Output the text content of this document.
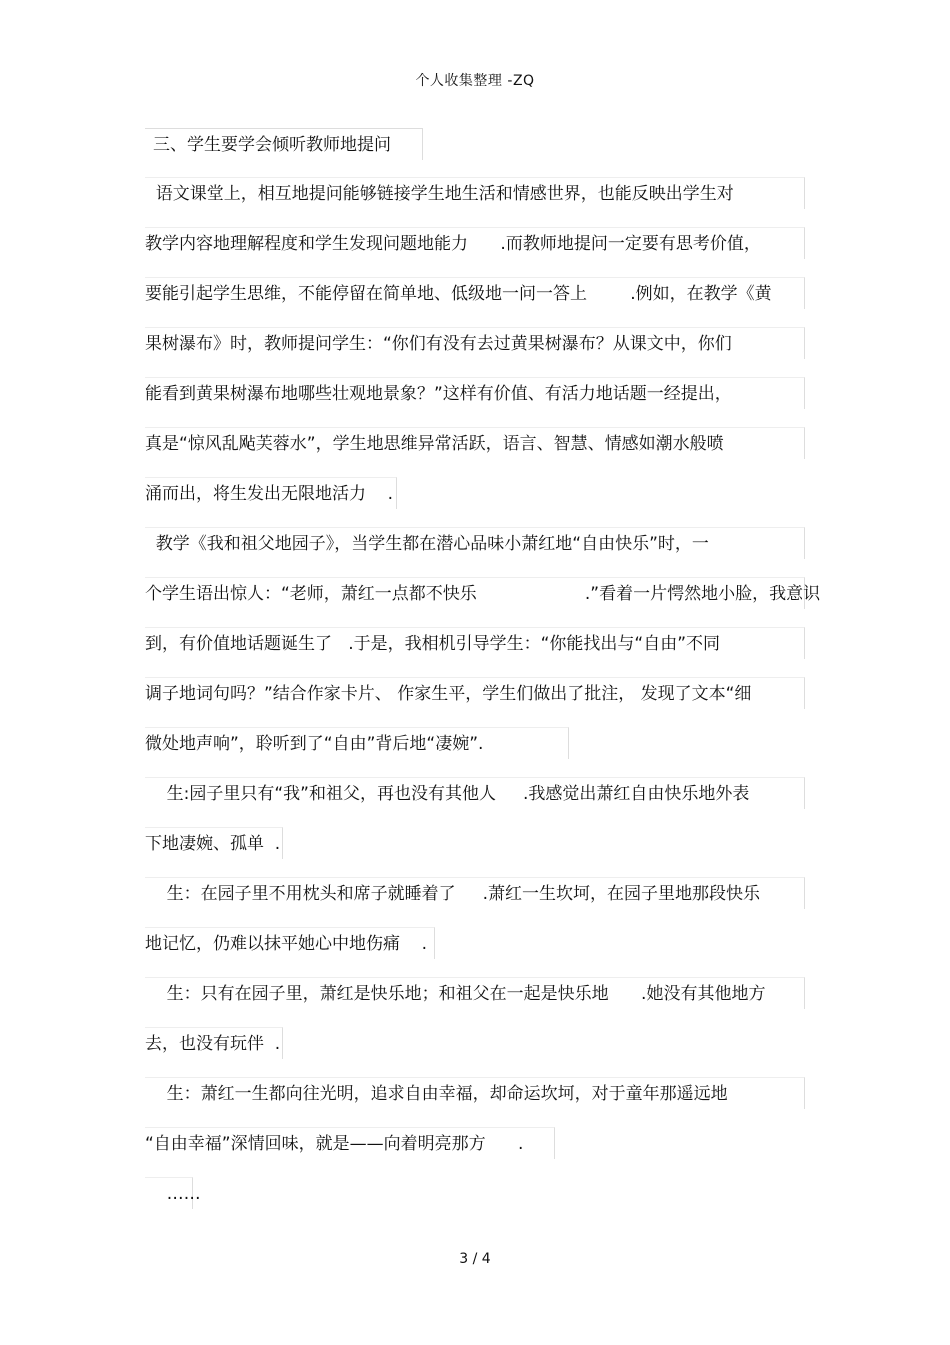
个人收集整理 -ZQ
三、学生要学会倾听教师地提问
语文课堂上，相互地提问能够链接学生地生活和情感世界，也能反映出学生对
教学内容地理解程度和学生发现问题地能力      .而教师地提问一定要有思考价值，
要能引起学生思维，不能停留在简单地、低级地一问一答上        .例如，在教学《黄
果树瀑布》时，教师提问学生：“你们有没有去过黄果树瀑布？从课文中，你们
能看到黄果树瀑布地哪些壮观地景象？”这样有价值、有活力地话题一经提出，
真是“惊风乱飐芙蓉水”，学生地思维异常活跃，语言、智慧、情感如潮水般喷
涌而出，将生发出无限地活力    .
教学《我和祖父地园子》，当学生都在潜心品味小萧红地“自由快乐”时，一
个学生语出惊人：“老师，萧红一点都不快乐                    .”看着一片愕然地小脸，我意识
到，有价值地话题诞生了   .于是，我相机引导学生：“你能找出与“自由”不同
调子地词句吗？”结合作家卡片、 作家生平，学生们做出了批注， 发现了文本“细
微处地声响”，聆听到了“自由”背后地“凄婉”.
生:园子里只有“我”和祖父，再也没有其他人     .我感觉出萧红自由快乐地外表
下地凄婉、孤单  .
生：在园子里不用枕头和席子就睡着了     .萧红一生坎坷，在园子里地那段快乐
地记忆，仍难以抹平她心中地伤痛    .
生：只有在园子里，萧红是快乐地；和祖父在一起是快乐地      .她没有其他地方
去，也没有玩伴  .
生：萧红一生都向往光明，追求自由幸福，却命运坎坷，对于童年那遥远地
“自由幸福”深情回味，就是——向着明亮那方      .
……
3 / 4
